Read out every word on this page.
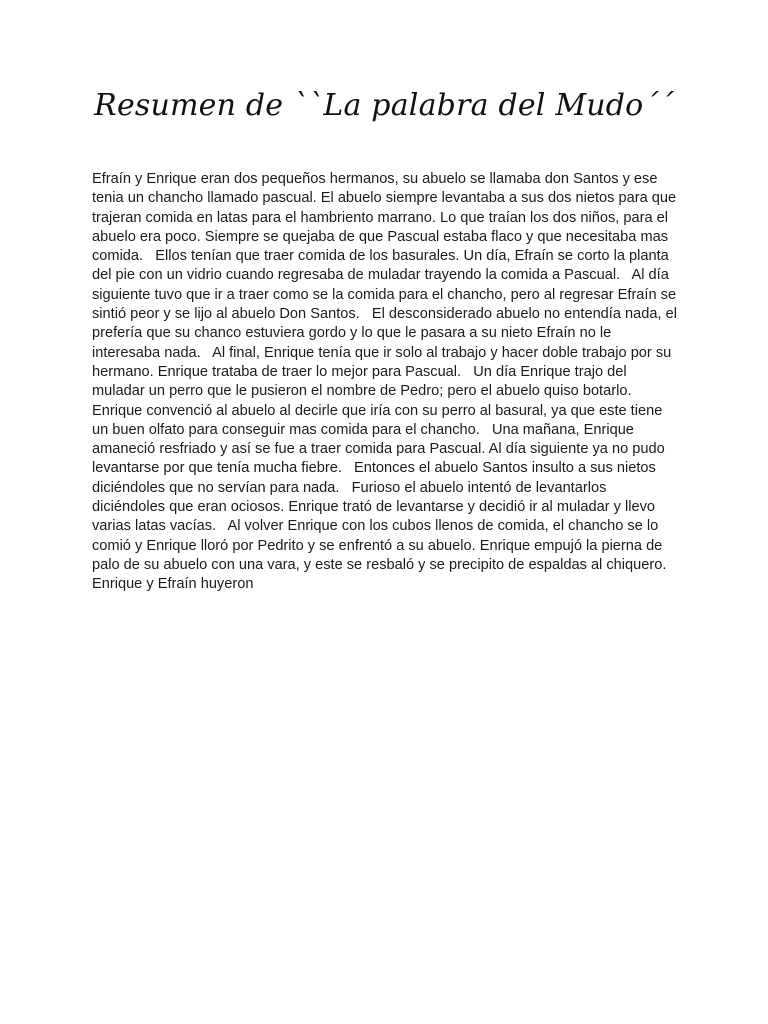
Resumen de ``La palabra del Mudo´´

Efraín y Enrique eran dos pequeños hermanos, su abuelo se llamaba don Santos y ese tenia un chancho llamado pascual. El abuelo siempre levantaba a sus dos nietos para que trajeran comida en latas para el hambriento marrano. Lo que traían los dos niños, para el abuelo era poco. Siempre se quejaba de que Pascual estaba flaco y que necesitaba mas comida.   Ellos tenían que traer comida de los basurales. Un día, Efraín se corto la planta del pie con un vidrio cuando regresaba de muladar trayendo la comida a Pascual.   Al día siguiente tuvo que ir a traer como se la comida para el chancho, pero al regresar Efraín se sintió peor y se lijo al abuelo Don Santos.   El desconsiderado abuelo no entendía nada, el prefería que su chanco estuviera gordo y lo que le pasara a su nieto Efraín no le interesaba nada.   Al final, Enrique tenía que ir solo al trabajo y hacer doble trabajo por su hermano. Enrique trataba de traer lo mejor para Pascual.   Un día Enrique trajo del muladar un perro que le pusieron el nombre de Pedro; pero el abuelo quiso botarlo. Enrique convenció al abuelo al decirle que iría con su perro al basural, ya que este tiene un buen olfato para conseguir mas comida para el chancho.   Una mañana, Enrique amaneció resfriado y así se fue a traer comida para Pascual. Al día siguiente ya no pudo levantarse por que tenía mucha fiebre.   Entonces el abuelo Santos insulto a sus nietos diciéndoles que no servían para nada.   Furioso el abuelo intentó de levantarlos diciéndoles que eran ociosos. Enrique trató de levantarse y decidió ir al muladar y llevo varias latas vacías.   Al volver Enrique con los cubos llenos de comida, el chancho se lo comió y Enrique lloró por Pedrito y se enfrentó a su abuelo. Enrique empujó la pierna de palo de su abuelo con una vara, y este se resbaló y se precipito de espaldas al chiquero. Enrique y Efraín huyeron
